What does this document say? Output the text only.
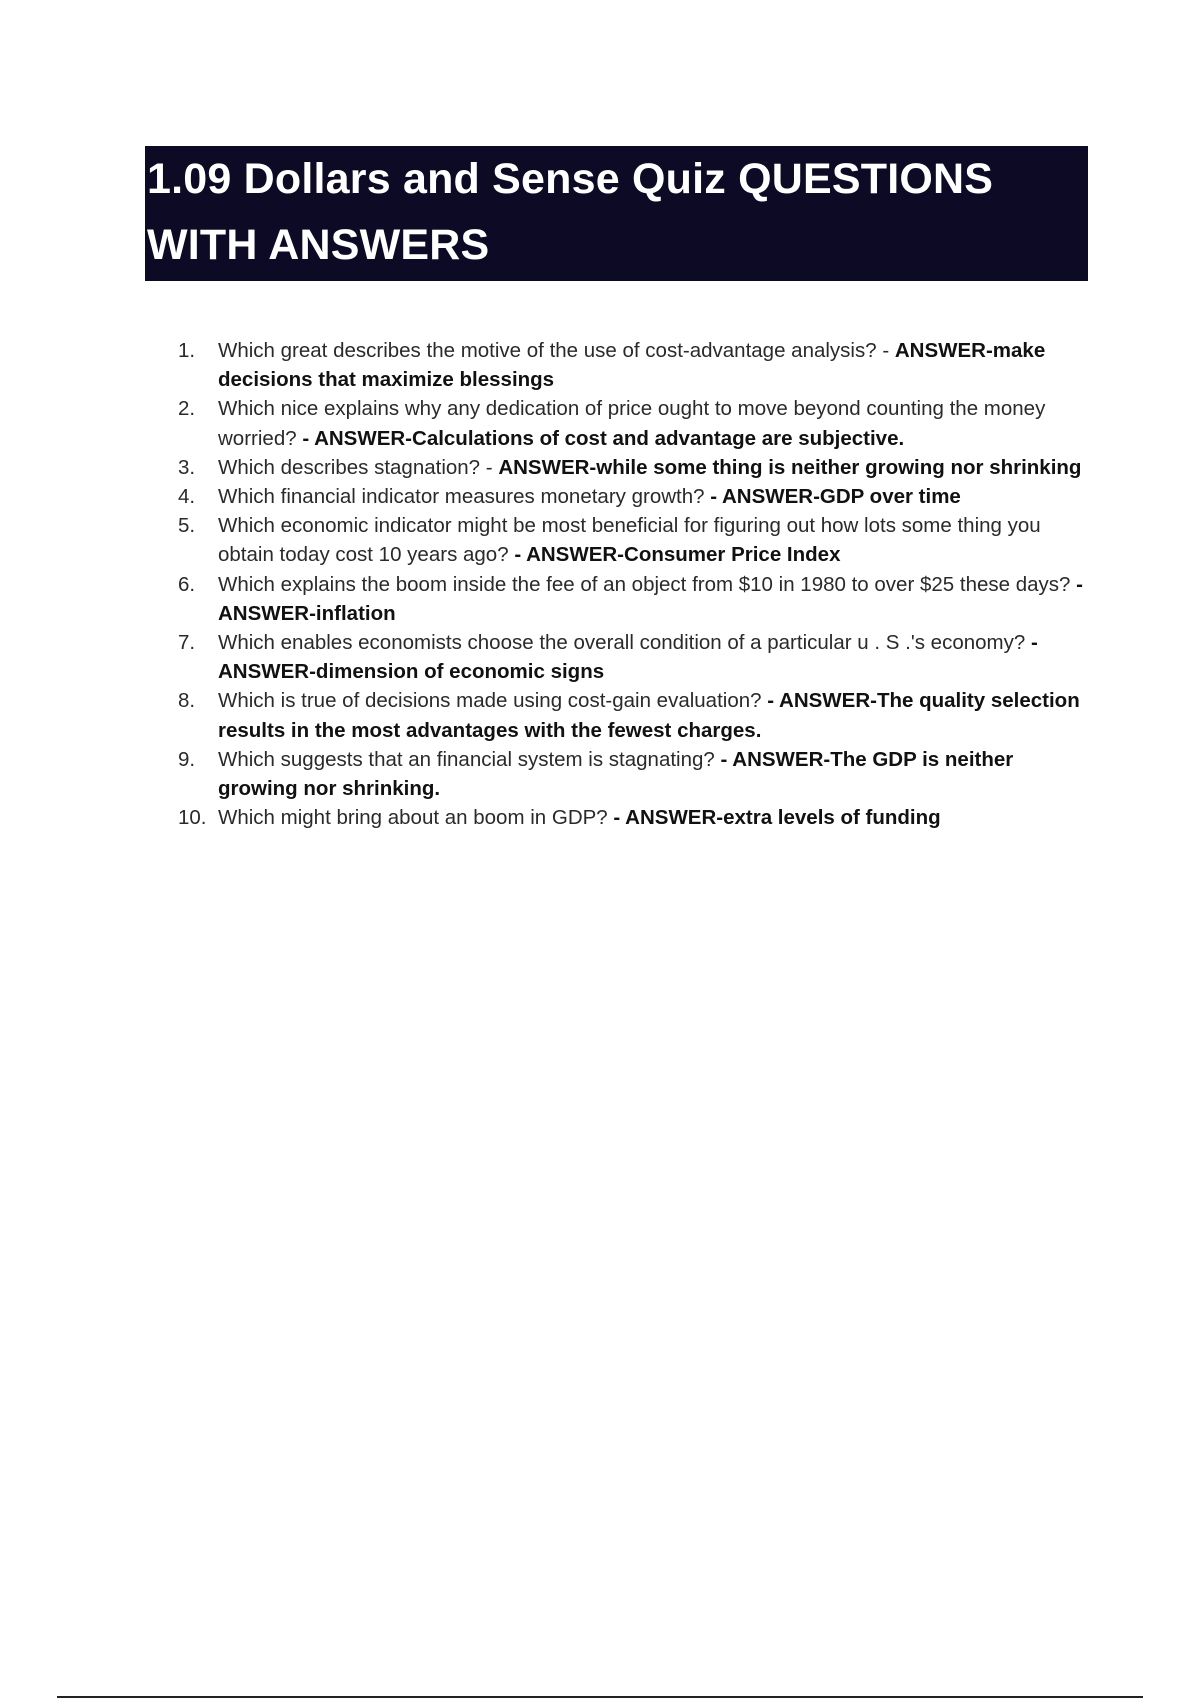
1.09 Dollars and Sense Quiz QUESTIONS WITH ANSWERS
1.	Which great describes the motive of the use of cost-advantage analysis? - ANSWER-make decisions that maximize blessings
2.	Which nice explains why any dedication of price ought to move beyond counting the money worried? - ANSWER-Calculations of cost and advantage are subjective.
3.	Which describes stagnation? - ANSWER-while some thing is neither growing nor shrinking
4.	Which financial indicator measures monetary growth? - ANSWER-GDP over time
5.	Which economic indicator might be most beneficial for figuring out how lots some thing you obtain today cost 10 years ago? - ANSWER-Consumer Price Index
6.	Which explains the boom inside the fee of an object from $10 in 1980 to over $25 these days? - ANSWER-inflation
7.	Which enables economists choose the overall condition of a particular u . S .'s economy? - ANSWER-dimension of economic signs
8.	Which is true of decisions made using cost-gain evaluation? - ANSWER-The quality selection results in the most advantages with the fewest charges.
9.	Which suggests that an financial system is stagnating? - ANSWER-The GDP is neither growing nor shrinking.
10. Which might bring about an boom in GDP? - ANSWER-extra levels of funding
